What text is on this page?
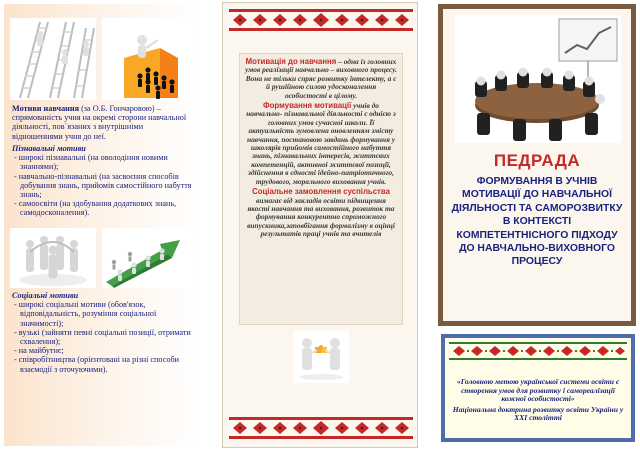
Мотиви навчання (за О.Б. Гончаровою) – спрямованість учня на окремі сторони навчальної діяльності, пов`язаних з внутрішніми відношеннями учня до неї.
Пізнавальні мотиви
- широкі пізнавальні (на оволодіння новими знаннями);
- навчально-пізнавальні (на засвоєння способів добування знань, прийомів самостійного набуття знань;
- самоосвіти (на здобування додаткових знань, самодосконалення).
Соціальні мотиви
- широкі соціальні мотиви (обов'язок, відповідальність, розуміння соціальної значимості);
- вузькі (зайняти певні соціальні позиції, отримати схвалення);
- на майбутнє;
- співробітництва (орієнтовані на різні способи взаємодії з оточуючими).

Мотивація до навчання – одна із головних умов реалізації навчально – виховного процесу. Вона не тільки спряє розвитку інтелекту, а є й рушійною силою удосконалення особистості в цілому.

Формування мотивації учнів до навчально- пізнавальної діяльності є однією з головних умов сучасної школи. Її актуальність зумовлена оновленням змісту навчання, постановою завдань формування у школярів прийомів самостійного набуття знань, пізнавальних інтересів, життєвих компетенцій, активної життєвої позиції, здійснення в єдності ідейно-патріотичного, трудового, морального виховання учнів.

Соціальне замовлення суспільства вимагає від закладів освіти підвищення якості навчання та виховання, розвиток та формування конкурентно спроможного випускника,заповбігання формалізму в оцінці результатів праці учнів та вчителів

ПЕДРАДА
ФОРМУВАННЯ В УЧНІВ МОТИВАЦІЇ ДО НАВЧАЛЬНОЇ ДІЯЛЬНОСТІ ТА САМОРОЗВИТКУ В КОНТЕКСТІ КОМПЕТЕНТНІСНОГО ПІДХОДУ ДО НАВЧАЛЬНО-ВИХОВНОГО ПРОЦЕСУ
«Головною метою української системи освіти є створення умов для розвитку і самореалізації кожної особистості»
Національна доктрина розвитку освіти України у XXI столітті
